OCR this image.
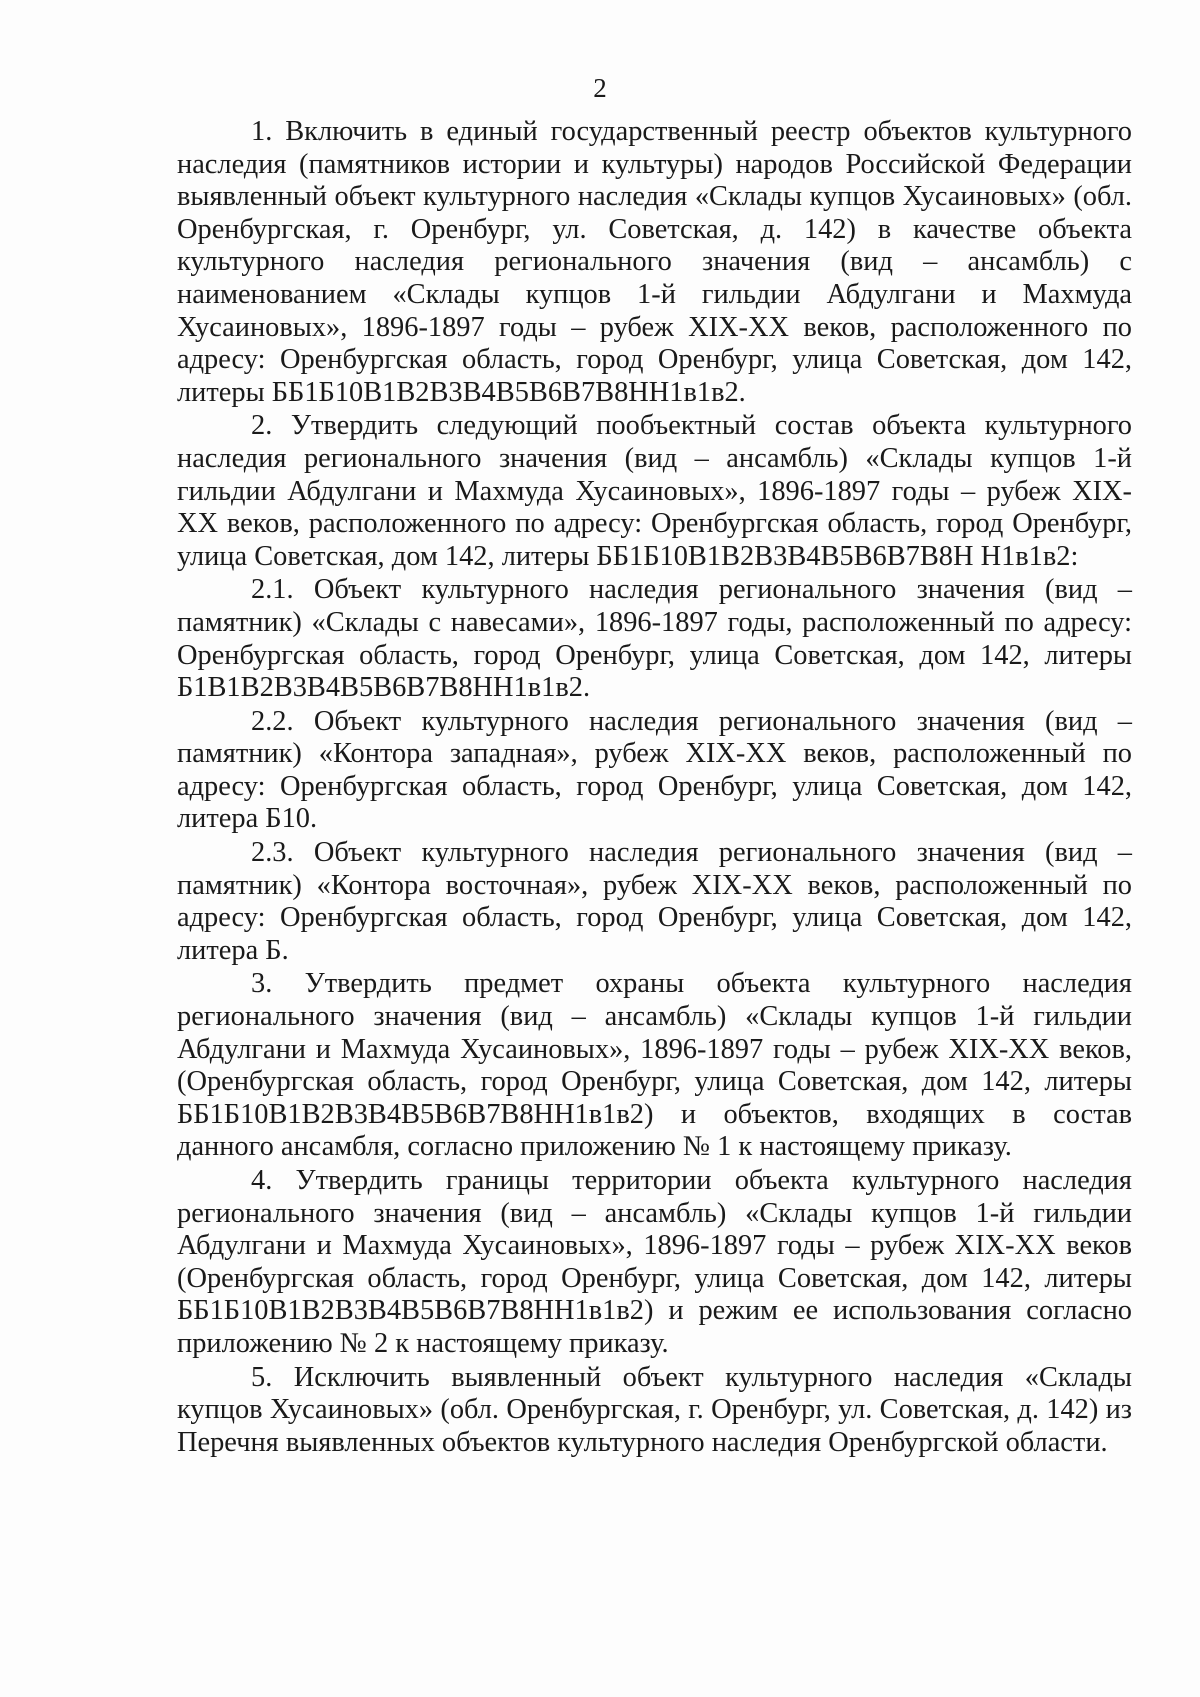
2

1. Включить в единый государственный реестр объектов культурного наследия (памятников истории и культуры) народов Российской Федерации выявленный объект культурного наследия «Склады купцов Хусаиновых» (обл. Оренбургская, г. Оренбург, ул. Советская, д. 142) в качестве объекта культурного наследия регионального значения (вид – ансамбль) с наименованием «Склады купцов 1-й гильдии Абдулгани и Махмуда Хусаиновых», 1896-1897 годы – рубеж XIX-XX веков, расположенного по адресу: Оренбургская область, город Оренбург, улица Советская, дом 142, литеры ББ1Б10В1В2В3В4В5В6В7В8НН1в1в2.

2. Утвердить следующий пообъектный состав объекта культурного наследия регионального значения (вид – ансамбль) «Склады купцов 1-й гильдии Абдулгани и Махмуда Хусаиновых», 1896-1897 годы – рубеж XIX-XX веков, расположенного по адресу: Оренбургская область, город Оренбург, улица Советская, дом 142, литеры ББ1Б10В1В2В3В4В5В6В7В8Н Н1в1в2:

2.1. Объект культурного наследия регионального значения (вид – памятник) «Склады с навесами», 1896-1897 годы, расположенный по адресу: Оренбургская область, город Оренбург, улица Советская, дом 142, литеры Б1В1В2В3В4В5В6В7В8НН1в1в2.

2.2. Объект культурного наследия регионального значения (вид – памятник) «Контора западная», рубеж XIX-XX веков, расположенный по адресу: Оренбургская область, город Оренбург, улица Советская, дом 142, литера Б10.

2.3. Объект культурного наследия регионального значения (вид – памятник) «Контора восточная», рубеж XIX-XX веков, расположенный по адресу: Оренбургская область, город Оренбург, улица Советская, дом 142, литера Б.

3. Утвердить предмет охраны объекта культурного наследия регионального значения (вид – ансамбль) «Склады купцов 1-й гильдии Абдулгани и Махмуда Хусаиновых», 1896-1897 годы – рубеж XIX-XX веков, (Оренбургская область, город Оренбург, улица Советская, дом 142, литеры ББ1Б10В1В2В3В4В5В6В7В8НН1в1в2) и объектов, входящих в состав данного ансамбля, согласно приложению № 1 к настоящему приказу.

4. Утвердить границы территории объекта культурного наследия регионального значения (вид – ансамбль) «Склады купцов 1-й гильдии Абдулгани и Махмуда Хусаиновых», 1896-1897 годы – рубеж XIX-XX веков (Оренбургская область, город Оренбург, улица Советская, дом 142, литеры ББ1Б10В1В2В3В4В5В6В7В8НН1в1в2) и режим ее использования согласно приложению № 2 к настоящему приказу.

5. Исключить выявленный объект культурного наследия «Склады купцов Хусаиновых» (обл. Оренбургская, г. Оренбург, ул. Советская, д. 142) из Перечня выявленных объектов культурного наследия Оренбургской области.
